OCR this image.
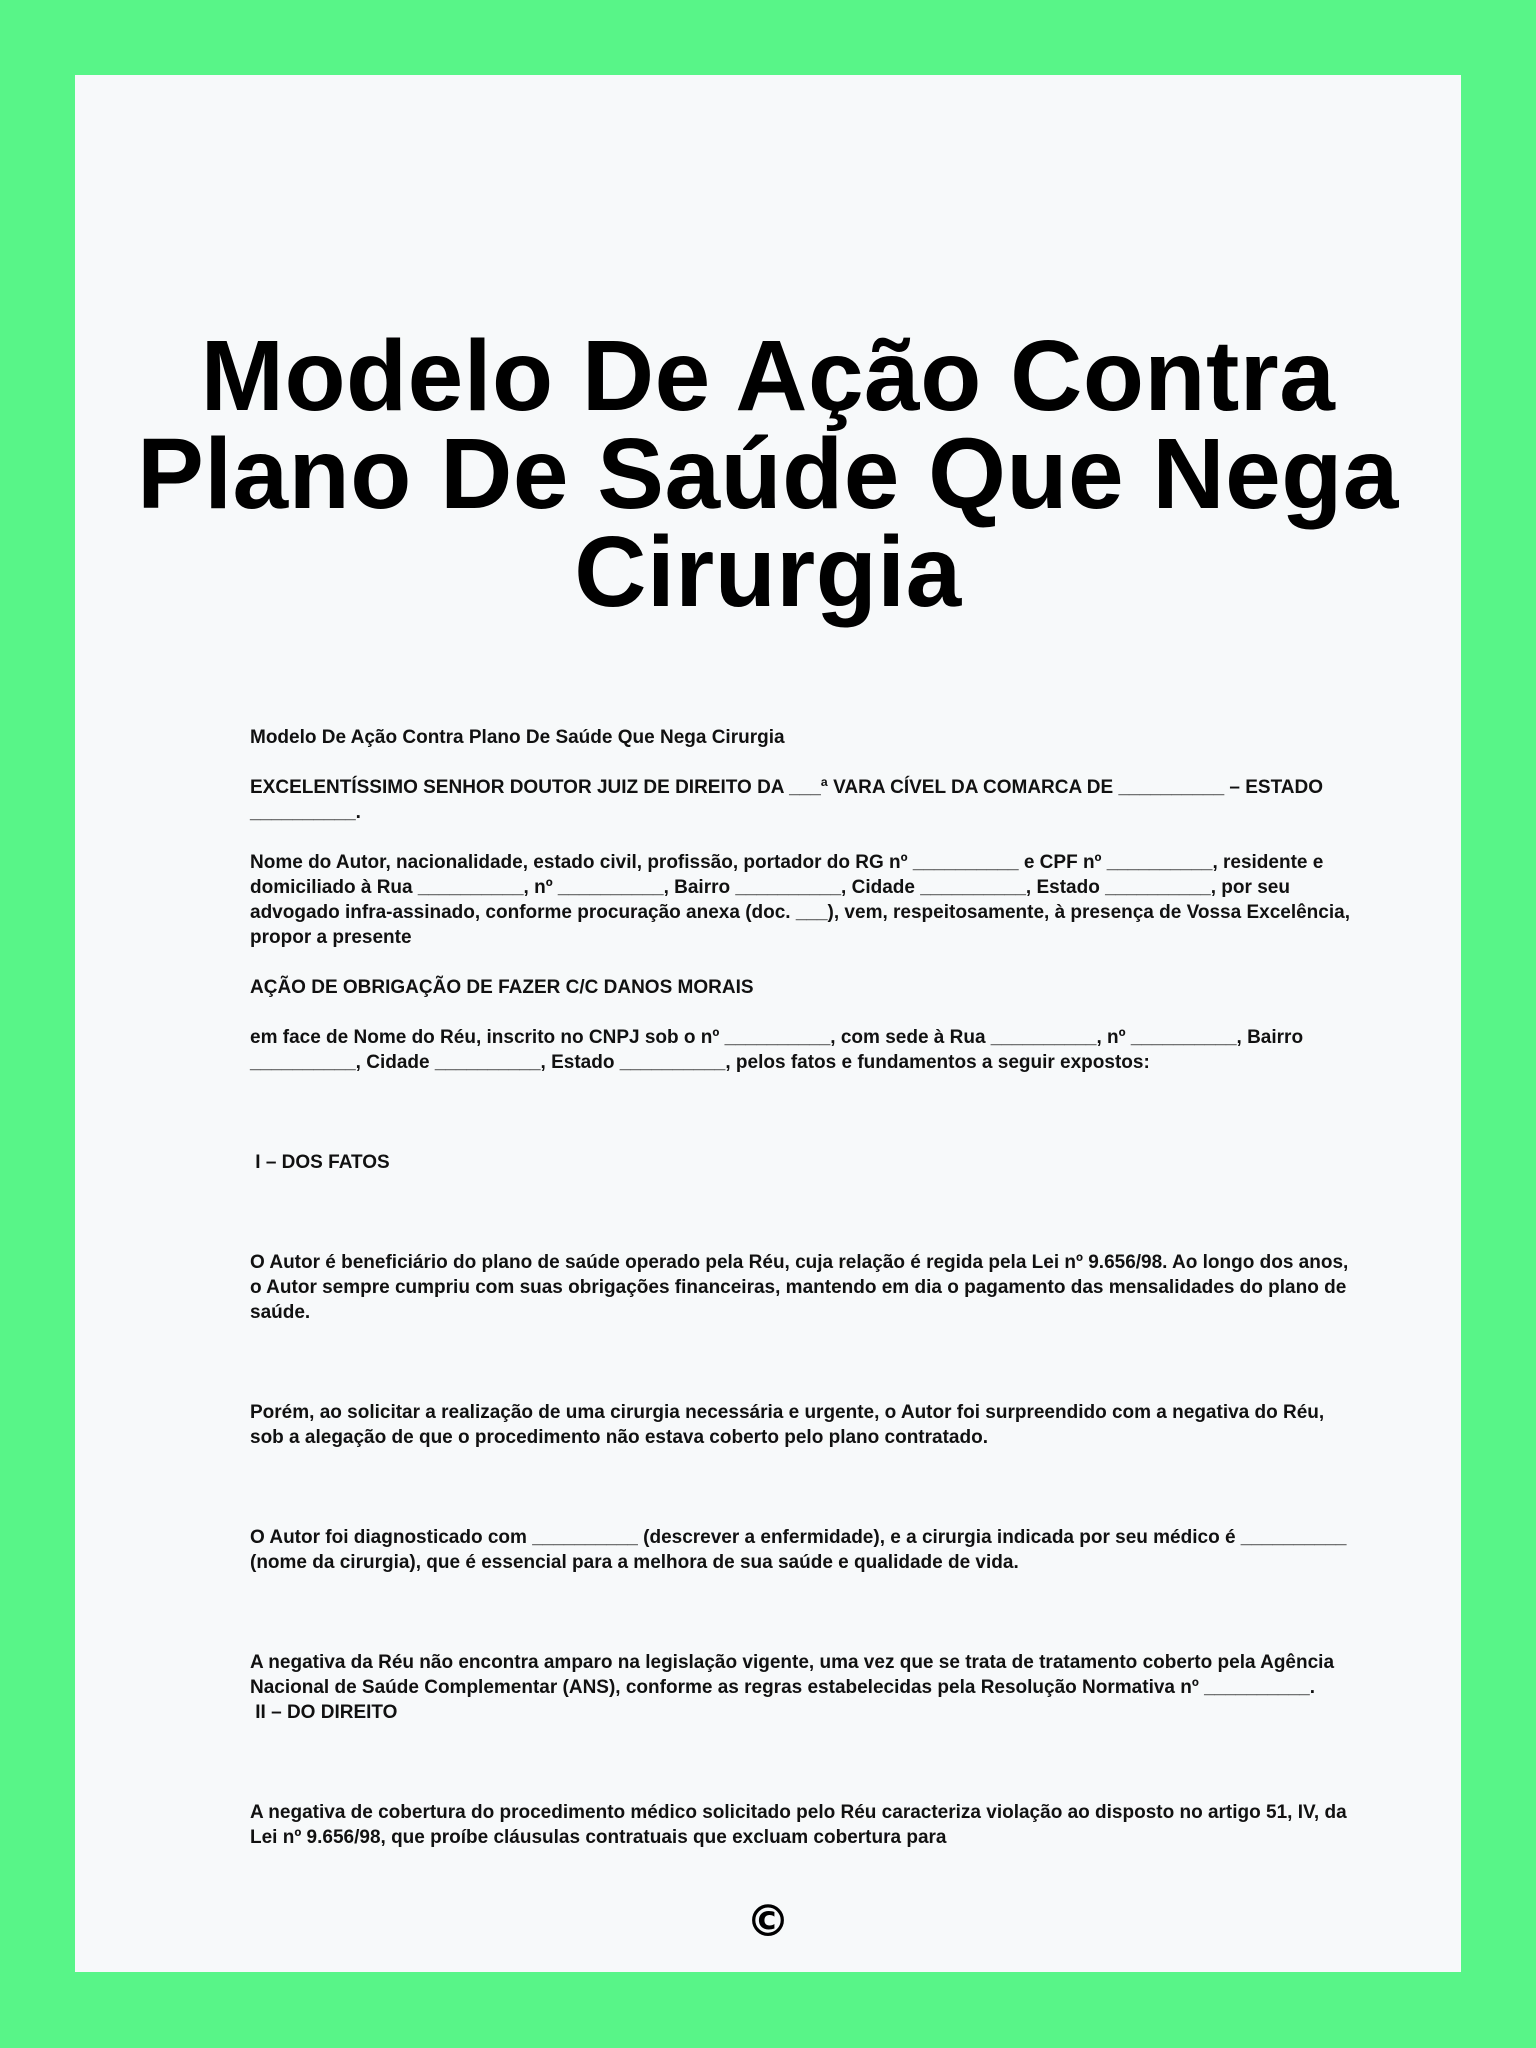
Modelo De Ação Contra Plano De Saúde Que Nega Cirurgia

Modelo De Ação Contra Plano De Saúde Que Nega Cirurgia

EXCELENTÍSSIMO SENHOR DOUTOR JUIZ DE DIREITO DA ___ª VARA CÍVEL DA COMARCA DE __________ – ESTADO __________.

Nome do Autor, nacionalidade, estado civil, profissão, portador do RG nº __________ e CPF nº __________, residente e domiciliado à Rua __________, nº __________, Bairro __________, Cidade __________, Estado __________, por seu advogado infra-assinado, conforme procuração anexa (doc. ___), vem, respeitosamente, à presença de Vossa Excelência, propor a presente

AÇÃO DE OBRIGAÇÃO DE FAZER C/C DANOS MORAIS

em face de Nome do Réu, inscrito no CNPJ sob o nº __________, com sede à Rua __________, nº __________, Bairro __________, Cidade __________, Estado __________, pelos fatos e fundamentos a seguir expostos:

I – DOS FATOS

O Autor é beneficiário do plano de saúde operado pela Réu, cuja relação é regida pela Lei nº 9.656/98. Ao longo dos anos, o Autor sempre cumpriu com suas obrigações financeiras, mantendo em dia o pagamento das mensalidades do plano de saúde.

Porém, ao solicitar a realização de uma cirurgia necessária e urgente, o Autor foi surpreendido com a negativa do Réu, sob a alegação de que o procedimento não estava coberto pelo plano contratado.

O Autor foi diagnosticado com __________ (descrever a enfermidade), e a cirurgia indicada por seu médico é __________ (nome da cirurgia), que é essencial para a melhora de sua saúde e qualidade de vida.

A negativa da Réu não encontra amparo na legislação vigente, uma vez que se trata de tratamento coberto pela Agência Nacional de Saúde Complementar (ANS), conforme as regras estabelecidas pela Resolução Normativa nº __________.

II – DO DIREITO

A negativa de cobertura do procedimento médico solicitado pelo Réu caracteriza violação ao disposto no artigo 51, IV, da Lei nº 9.656/98, que proíbe cláusulas contratuais que excluam cobertura para

©
